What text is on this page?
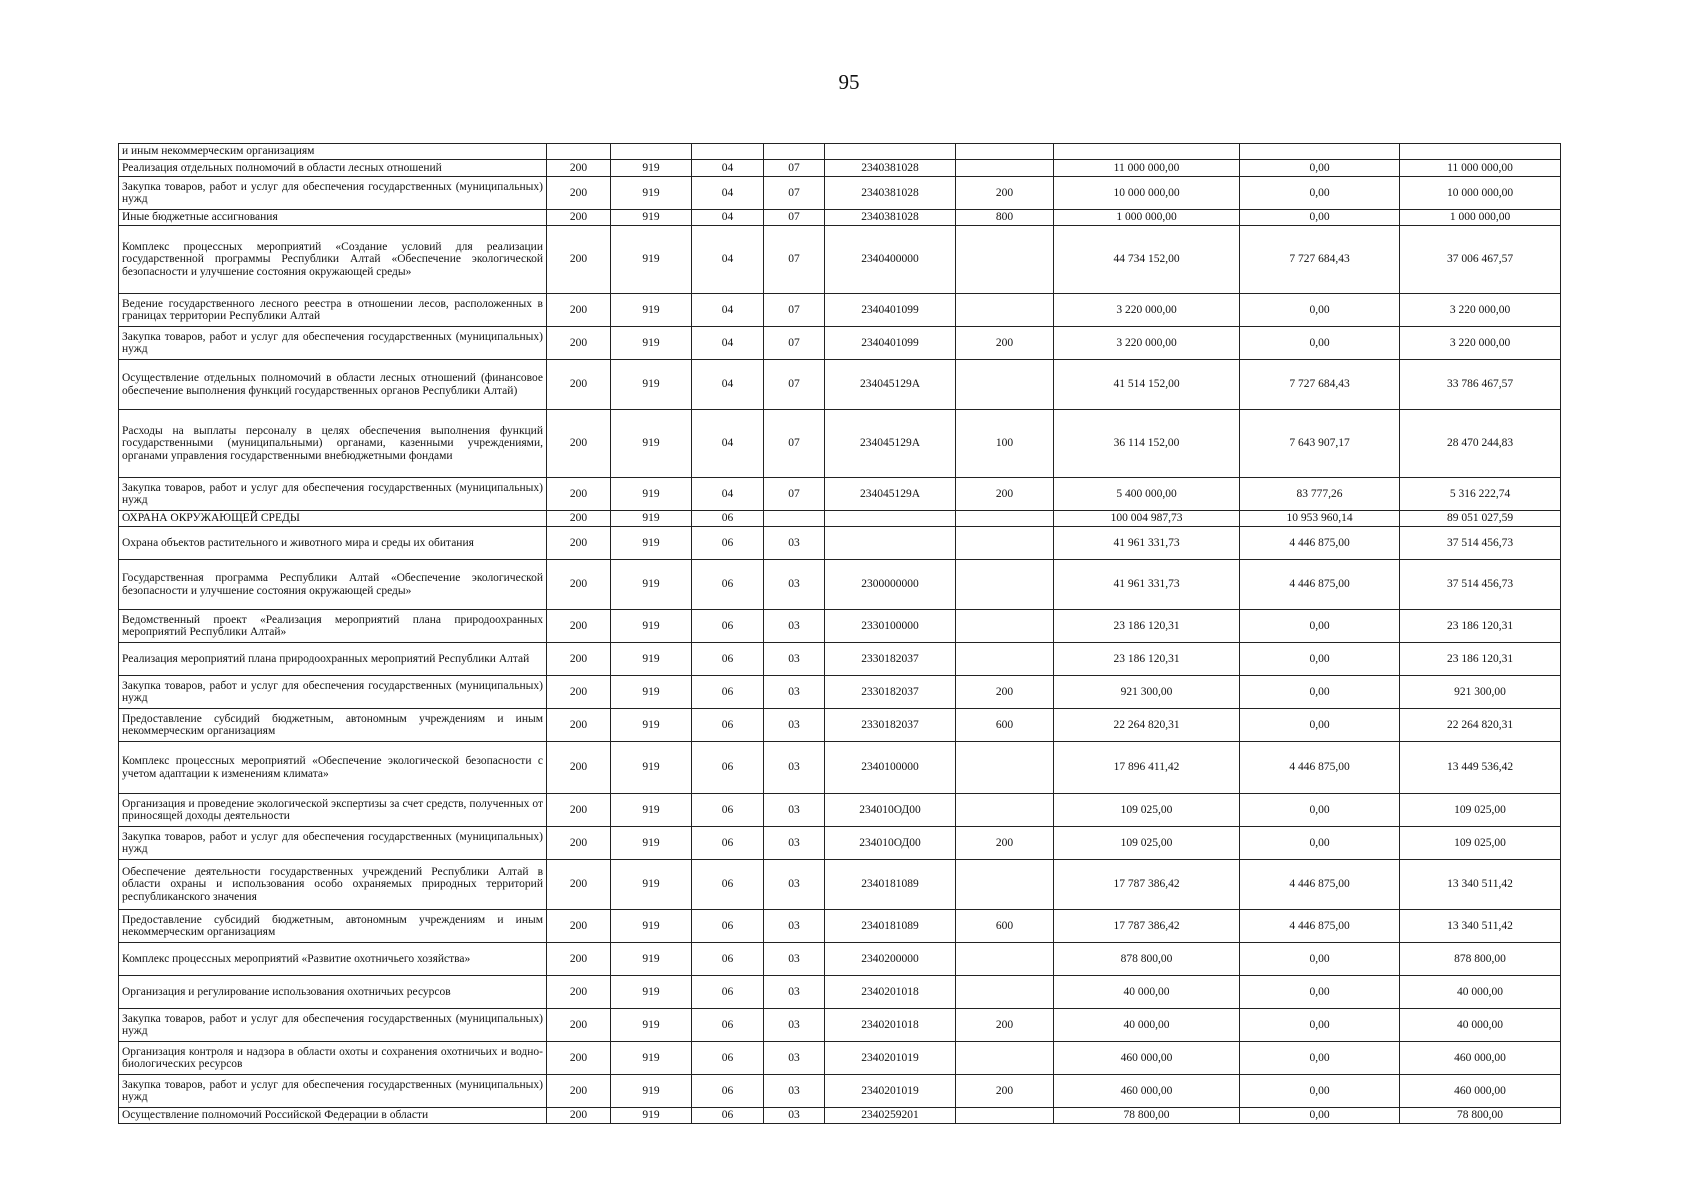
95
и иным некоммерческим организациям									
Реализация отдельных полномочий в области лесных отношений	200	919	04	07	2340381028		11 000 000,00	0,00	11 000 000,00
Закупка товаров, работ и услуг для обеспечения государственных (муниципальных) нужд	200	919	04	07	2340381028	200	10 000 000,00	0,00	10 000 000,00
Иные бюджетные ассигнования	200	919	04	07	2340381028	800	1 000 000,00	0,00	1 000 000,00
Комплекс процессных мероприятий «Создание условий для реализации государственной программы Республики Алтай «Обеспечение экологической безопасности и улучшение состояния окружающей среды»	200	919	04	07	2340400000		44 734 152,00	7 727 684,43	37 006 467,57
Ведение государственного лесного реестра в отношении лесов, расположенных в границах территории Республики Алтай	200	919	04	07	2340401099		3 220 000,00	0,00	3 220 000,00
Закупка товаров, работ и услуг для обеспечения государственных (муниципальных) нужд	200	919	04	07	2340401099	200	3 220 000,00	0,00	3 220 000,00
Осуществление отдельных полномочий в области лесных отношений (финансовое обеспечение выполнения функций государственных органов Республики Алтай)	200	919	04	07	234045129А		41 514 152,00	7 727 684,43	33 786 467,57
Расходы на выплаты персоналу в целях обеспечения выполнения функций государственными (муниципальными) органами, казенными учреждениями, органами управления государственными внебюджетными фондами	200	919	04	07	234045129А	100	36 114 152,00	7 643 907,17	28 470 244,83
Закупка товаров, работ и услуг для обеспечения государственных (муниципальных) нужд	200	919	04	07	234045129А	200	5 400 000,00	83 777,26	5 316 222,74
ОХРАНА ОКРУЖАЮЩЕЙ СРЕДЫ	200	919	06				100 004 987,73	10 953 960,14	89 051 027,59
Охрана объектов растительного и животного мира и среды их обитания	200	919	06	03			41 961 331,73	4 446 875,00	37 514 456,73
Государственная программа Республики Алтай «Обеспечение экологической безопасности и улучшение состояния окружающей среды»	200	919	06	03	2300000000		41 961 331,73	4 446 875,00	37 514 456,73
Ведомственный проект «Реализация мероприятий плана природоохранных мероприятий Республики Алтай»	200	919	06	03	2330100000		23 186 120,31	0,00	23 186 120,31
Реализация мероприятий плана природоохранных мероприятий Республики Алтай	200	919	06	03	2330182037		23 186 120,31	0,00	23 186 120,31
Закупка товаров, работ и услуг для обеспечения государственных (муниципальных) нужд	200	919	06	03	2330182037	200	921 300,00	0,00	921 300,00
Предоставление субсидий бюджетным, автономным учреждениям и иным некоммерческим организациям	200	919	06	03	2330182037	600	22 264 820,31	0,00	22 264 820,31
Комплекс процессных мероприятий «Обеспечение экологической безопасности с учетом адаптации к изменениям климата»	200	919	06	03	2340100000		17 896 411,42	4 446 875,00	13 449 536,42
Организация и проведение экологической экспертизы за счет средств, полученных от приносящей доходы деятельности	200	919	06	03	234010ОД00		109 025,00	0,00	109 025,00
Закупка товаров, работ и услуг для обеспечения государственных (муниципальных) нужд	200	919	06	03	234010ОД00	200	109 025,00	0,00	109 025,00
Обеспечение деятельности государственных учреждений Республики Алтай в области охраны и использования особо охраняемых природных территорий республиканского значения	200	919	06	03	2340181089		17 787 386,42	4 446 875,00	13 340 511,42
Предоставление субсидий бюджетным, автономным учреждениям и иным некоммерческим организациям	200	919	06	03	2340181089	600	17 787 386,42	4 446 875,00	13 340 511,42
Комплекс процессных мероприятий «Развитие охотничьего хозяйства»	200	919	06	03	2340200000		878 800,00	0,00	878 800,00
Организация и регулирование использования охотничьих ресурсов	200	919	06	03	2340201018		40 000,00	0,00	40 000,00
Закупка товаров, работ и услуг для обеспечения государственных (муниципальных) нужд	200	919	06	03	2340201018	200	40 000,00	0,00	40 000,00
Организация контроля и надзора в области охоты и сохранения охотничьих и водно-биологических ресурсов	200	919	06	03	2340201019		460 000,00	0,00	460 000,00
Закупка товаров, работ и услуг для обеспечения государственных (муниципальных) нужд	200	919	06	03	2340201019	200	460 000,00	0,00	460 000,00
Осуществление полномочий Российской Федерации в области	200	919	06	03	2340259201		78 800,00	0,00	78 800,00
